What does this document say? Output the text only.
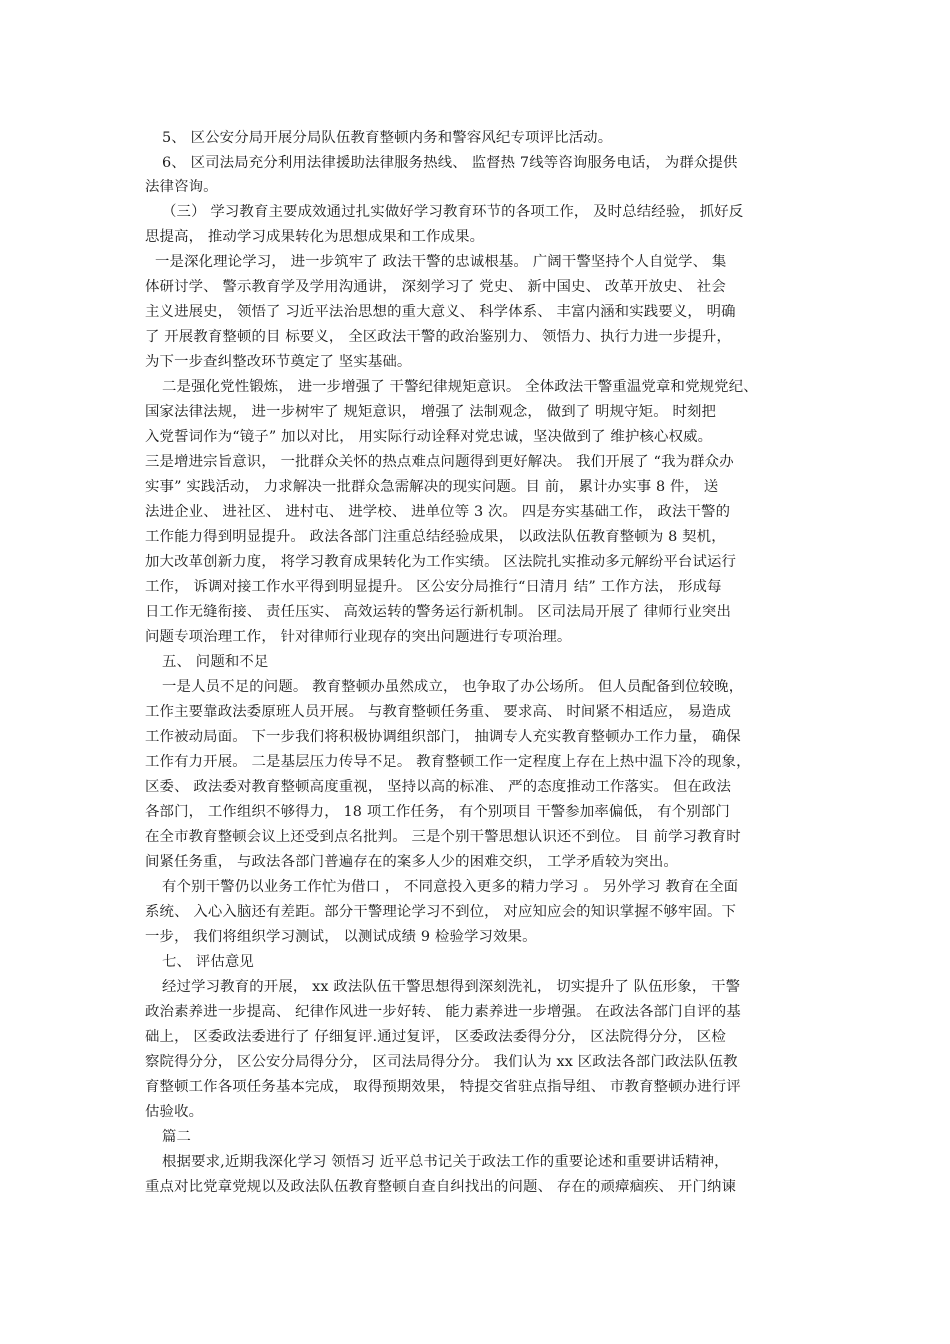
5、 区公安分局开展分局队伍教育整顿内务和警容风纪专项评比活动。
6、 区司法局充分利用法律援助法律服务热线、 监督热 7线等咨询服务电话， 为群众提供
法律咨询。
（三） 学习教育主要成效通过扎实做好学习教育环节的各项工作， 及时总结经验， 抓好反
思提高， 推动学习成果转化为思想成果和工作成果。
一是深化理论学习， 进一步筑牢了 政法干警的忠诚根基。 广阔干警坚持个人自觉学、 集
体研讨学、 警示教育学及学用沟通讲， 深刻学习了 党史、 新中国史、 改革开放史、 社会
主义进展史， 领悟了 习近平法治思想的重大意义、 科学体系、 丰富内涵和实践要义， 明确
了 开展教育整顿的目 标要义， 全区政法干警的政治鉴别力、 领悟力、执行力进一步提升，
为下一步查纠整改环节奠定了 坚实基础。
二是强化党性锻炼， 进一步增强了 干警纪律规矩意识。 全体政法干警重温党章和党规党纪、
国家法律法规， 进一步树牢了 规矩意识， 增强了 法制观念， 做到了 明规守矩。 时刻把
入党誓词作为“镜子” 加以对比， 用实际行动诠释对党忠诚，坚决做到了 维护核心权威。
三是增进宗旨意识， 一批群众关怀的热点难点问题得到更好解决。 我们开展了 “我为群众办
实事” 实践活动， 力求解决一批群众急需解决的现实问题。目 前， 累计办实事 8 件， 送
法进企业、 进社区、 进村屯、 进学校、 进单位等 3 次。 四是夯实基础工作， 政法干警的
工作能力得到明显提升。 政法各部门注重总结经验成果， 以政法队伍教育整顿为 8 契机，
加大改革创新力度， 将学习教育成果转化为工作实绩。 区法院扎实推动多元解纷平台试运行
工作， 诉调对接工作水平得到明显提升。 区公安分局推行“日清月 结” 工作方法， 形成每
日工作无缝衔接、 责任压实、 高效运转的警务运行新机制。 区司法局开展了 律师行业突出
问题专项治理工作， 针对律师行业现存的突出问题进行专项治理。
五、 问题和不足
一是人员不足的问题。 教育整顿办虽然成立， 也争取了办公场所。 但人员配备到位较晚，
工作主要靠政法委原班人员开展。 与教育整顿任务重、 要求高、 时间紧不相适应， 易造成
工作被动局面。 下一步我们将积极协调组织部门， 抽调专人充实教育整顿办工作力量， 确保
工作有力开展。 二是基层压力传导不足。 教育整顿工作一定程度上存在上热中温下冷的现象，
区委、 政法委对教育整顿高度重视， 坚持以高的标准、 严的态度推动工作落实。 但在政法
各部门， 工作组织不够得力， 18 项工作任务， 有个别项目 干警参加率偏低， 有个别部门
在全市教育整顿会议上还受到点名批判。 三是个别干警思想认识还不到位。 目 前学习教育时
间紧任务重， 与政法各部门普遍存在的案多人少的困难交织， 工学矛盾较为突出。
有个别干警仍以业务工作忙为借口 ， 不同意投入更多的精力学习 。 另外学习 教育在全面
系统、 入心入脑还有差距。部分干警理论学习不到位， 对应知应会的知识掌握不够牢固。下
一步， 我们将组织学习测试， 以测试成绩 9 检验学习效果。
七、 评估意见
经过学习教育的开展， xx 政法队伍干警思想得到深刻洗礼， 切实提升了 队伍形象， 干警
政治素养进一步提高、 纪律作风进一步好转、 能力素养进一步增强。 在政法各部门自评的基
础上， 区委政法委进行了 仔细复评.通过复评， 区委政法委得分分， 区法院得分分， 区检
察院得分分， 区公安分局得分分， 区司法局得分分。 我们认为 xx 区政法各部门政法队伍教
育整顿工作各项任务基本完成， 取得预期效果， 特提交省驻点指导组、 市教育整顿办进行评
估验收。
篇二
根据要求,近期我深化学习 领悟习 近平总书记关于政法工作的重要论述和重要讲话精神，
重点对比党章党规以及政法队伍教育整顿自查自纠找出的问题、 存在的顽瘴痼疾、 开门纳谏
